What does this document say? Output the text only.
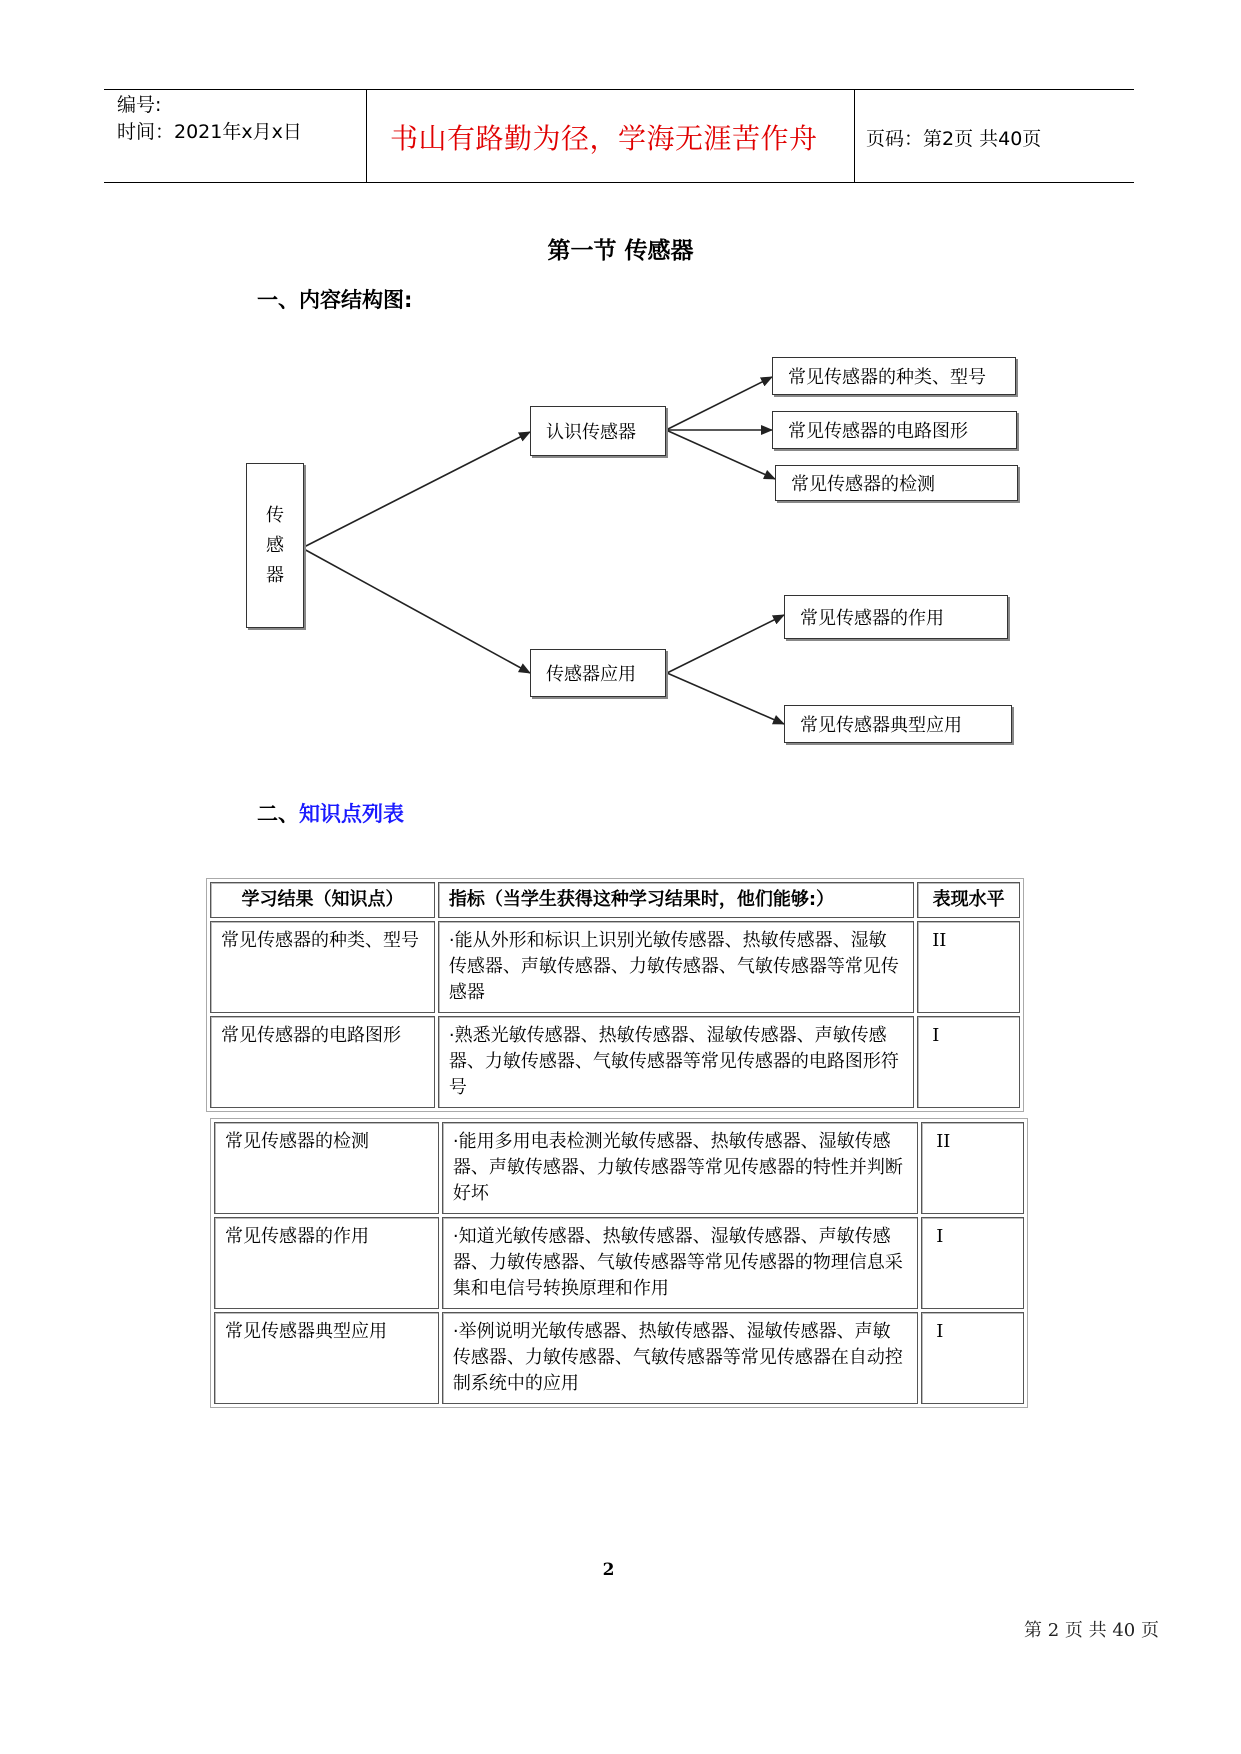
编号:
时间：2021年x月x日	书山有路勤为径，学海无涯苦作舟	页码：第2页 共40页
第一节 传感器
一、内容结构图:
传
感
器
认识传感器
传感器应用
常见传感器的种类、型号
常见传感器的电路图形
常见传感器的检测
常见传感器的作用
常见传感器典型应用
二、知识点列表
学习结果（知识点）	指标（当学生获得这种学习结果时，他们能够:）	表现水平
常见传感器的种类、型号	·能从外形和标识上识别光敏传感器、热敏传感器、湿敏传感器、声敏传感器、力敏传感器、气敏传感器等常见传感器	II
常见传感器的电路图形	·熟悉光敏传感器、热敏传感器、湿敏传感器、声敏传感器、力敏传感器、气敏传感器等常见传感器的电路图形符号	I
常见传感器的检测	·能用多用电表检测光敏传感器、热敏传感器、湿敏传感器、声敏传感器、力敏传感器等常见传感器的特性并判断好坏	II
常见传感器的作用	·知道光敏传感器、热敏传感器、湿敏传感器、声敏传感器、力敏传感器、气敏传感器等常见传感器的物理信息采集和电信号转换原理和作用	I
常见传感器典型应用	·举例说明光敏传感器、热敏传感器、湿敏传感器、声敏传感器、力敏传感器、气敏传感器等常见传感器在自动控制系统中的应用	I
2
第 2 页 共 40 页
